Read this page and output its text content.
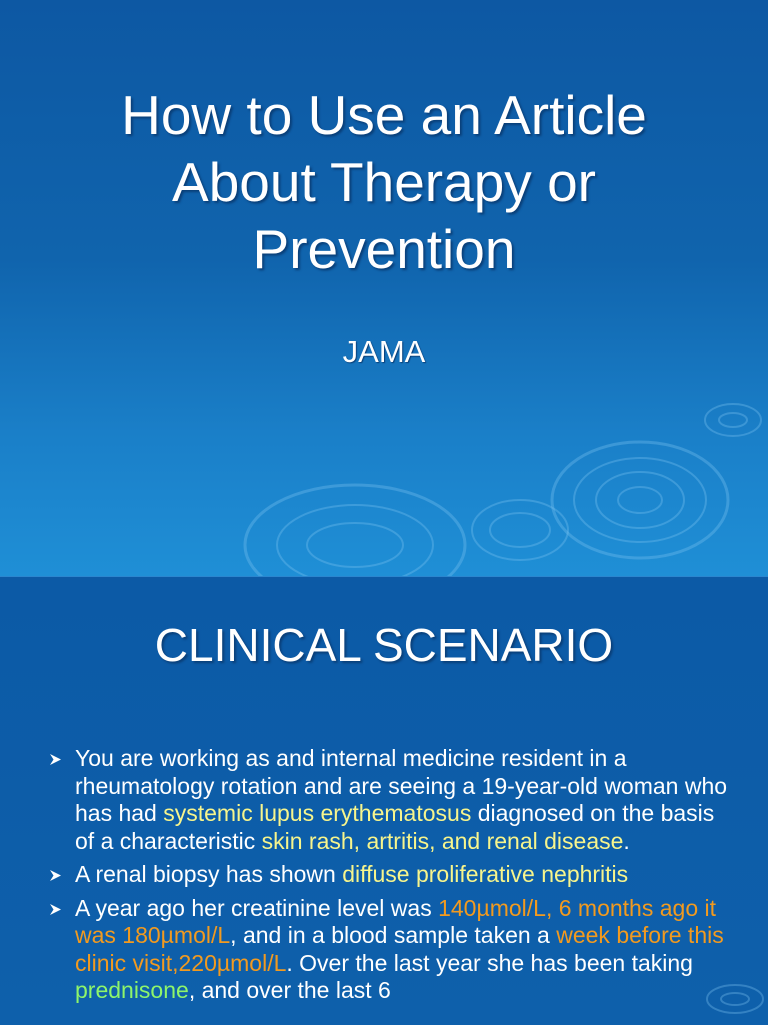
How to Use an Article
About Therapy or
Prevention
JAMA
CLINICAL SCENARIO
You are working as and internal medicine resident in a rheumatology rotation and are seeing a 19-year-old woman who has had systemic lupus erythematosus diagnosed on the basis of a characteristic skin rash, artritis, and renal disease.
A renal biopsy has shown diffuse proliferative nephritis
A year ago her creatinine level was 140µmol/L, 6 months ago it was 180µmol/L, and in a blood sample taken a week before this clinic visit,220µmol/L. Over the last year she has been taking prednisone, and over the last 6
